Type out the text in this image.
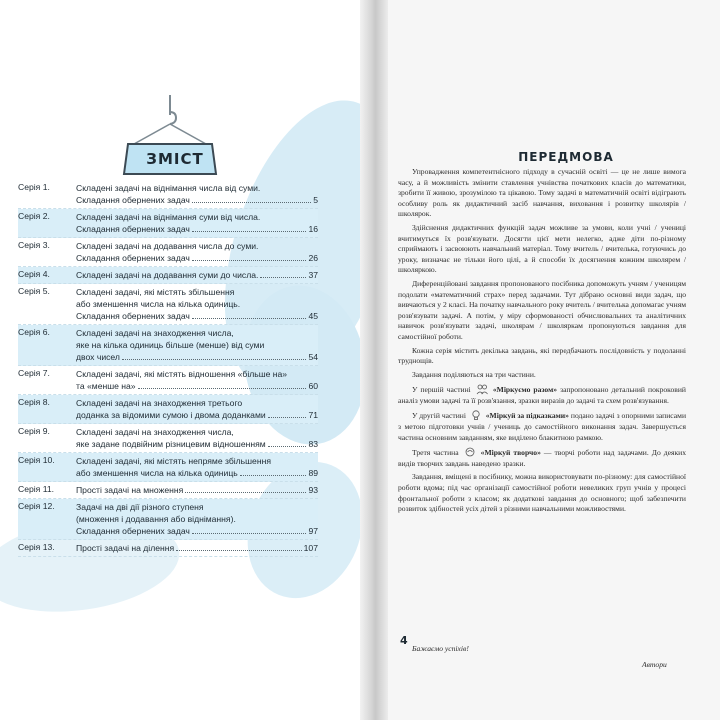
ЗМІСТ
Серія 1.	Складені задачі на віднімання числа від суми.
Складання обернених задач	5
Серія 2.	Складені задачі на віднімання суми від числа.
Складання обернених задач	16
Серія 3.	Складені задачі на додавання числа до суми.
Складання обернених задач	26
Серія 4.	Складені задачі на додавання суми до числа.	37
Серія 5.	Складені задачі, які містять збільшення
або зменшення числа на кілька одиниць.
Складання обернених задач	45
Серія 6.	Складені задачі на знаходження числа,
яке на кілька одиниць більше (менше) від суми
двох чисел	54
Серія 7.	Складені задачі, які містять відношення «більше на»
та «менше на»	60
Серія 8.	Складені задачі на знаходження третього
доданка за відомими сумою і двома доданками	71
Серія 9.	Складені задачі на знаходження числа,
яке задане подвійним різницевим відношенням	83
Серія 10.	Складені задачі, які містять непряме збільшення
або зменшення числа на кілька одиниць	89
Серія 11.	Прості задачі на множення	93
Серія 12.	Задачі на дві дії різного ступеня
(множення і додавання або віднімання).
Складання обернених задач	97
Серія 13.	Прості задачі на ділення	107
ПЕРЕДМОВА

Упровадження компетентнісного підходу в сучасній освіті — це не лише вимога часу, а й можливість змінити ставлення учнівства початкових класів до математики, зробити її живою, зрозумілою та цікавою. Тому задачі в математичній освіті відіграють особливу роль як дидактичний засіб навчання, виховання і розвитку школярів / школярок.

Здійснення дидактичних функцій задач можливе за умови, коли учні / учениці вчитимуться їх розв'язувати. Досягти цієї мети нелегко, адже діти по-різному сприймають і засвоюють навчальний матеріал. Тому вчитель / вчителька, готуючись до уроку, визначає не тільки його цілі, а й способи їх досягнення кожним школярем / школяркою.

Диференційовані завдання пропонованого посібника допоможуть учням / ученицям подолати «математичний страх» перед задачами. Тут дібрано основні види задач, що вивчаються у 2 класі. На початку навчального року вчитель / вчителька допомагає учням розв'язувати задачі. А потім, у міру сформованості обчислювальних та аналітичних навичок розв'язувати задачі, школярам / школяркам пропонуються завдання для самостійної роботи.

Кожна серія містить декілька завдань, які передбачають послідовність у подоланні труднощів.

Завдання поділяються на три частини.

У першій частині	«Міркуємо разом» запропоновано детальний покроковий аналіз умови задачі та її розв'язання, зразки виразів до задачі та схем розв'язування.

У другій частині	«Міркуй за підказками» подано задачі з опорними записами з метою підготовки учнів / учениць до самостійного виконання задач. Завершується частина основним завданням, яке виділено блакитною рамкою.

Третя частина	«Міркуй творчо» — творчі роботи над задачами. До деяких видів творчих завдань наведено зразки.

Завдання, вміщені в посібнику, можна використовувати по-різному: для самостійної роботи вдома; під час організації самостійної роботи невеликих груп учнів у процесі фронтальної роботи з класом; як додаткові завдання до основного; щоб забезпечити розвиток здібностей усіх дітей з різними навчальними можливостями.

4
Бажаємо успіхів!
Автори
